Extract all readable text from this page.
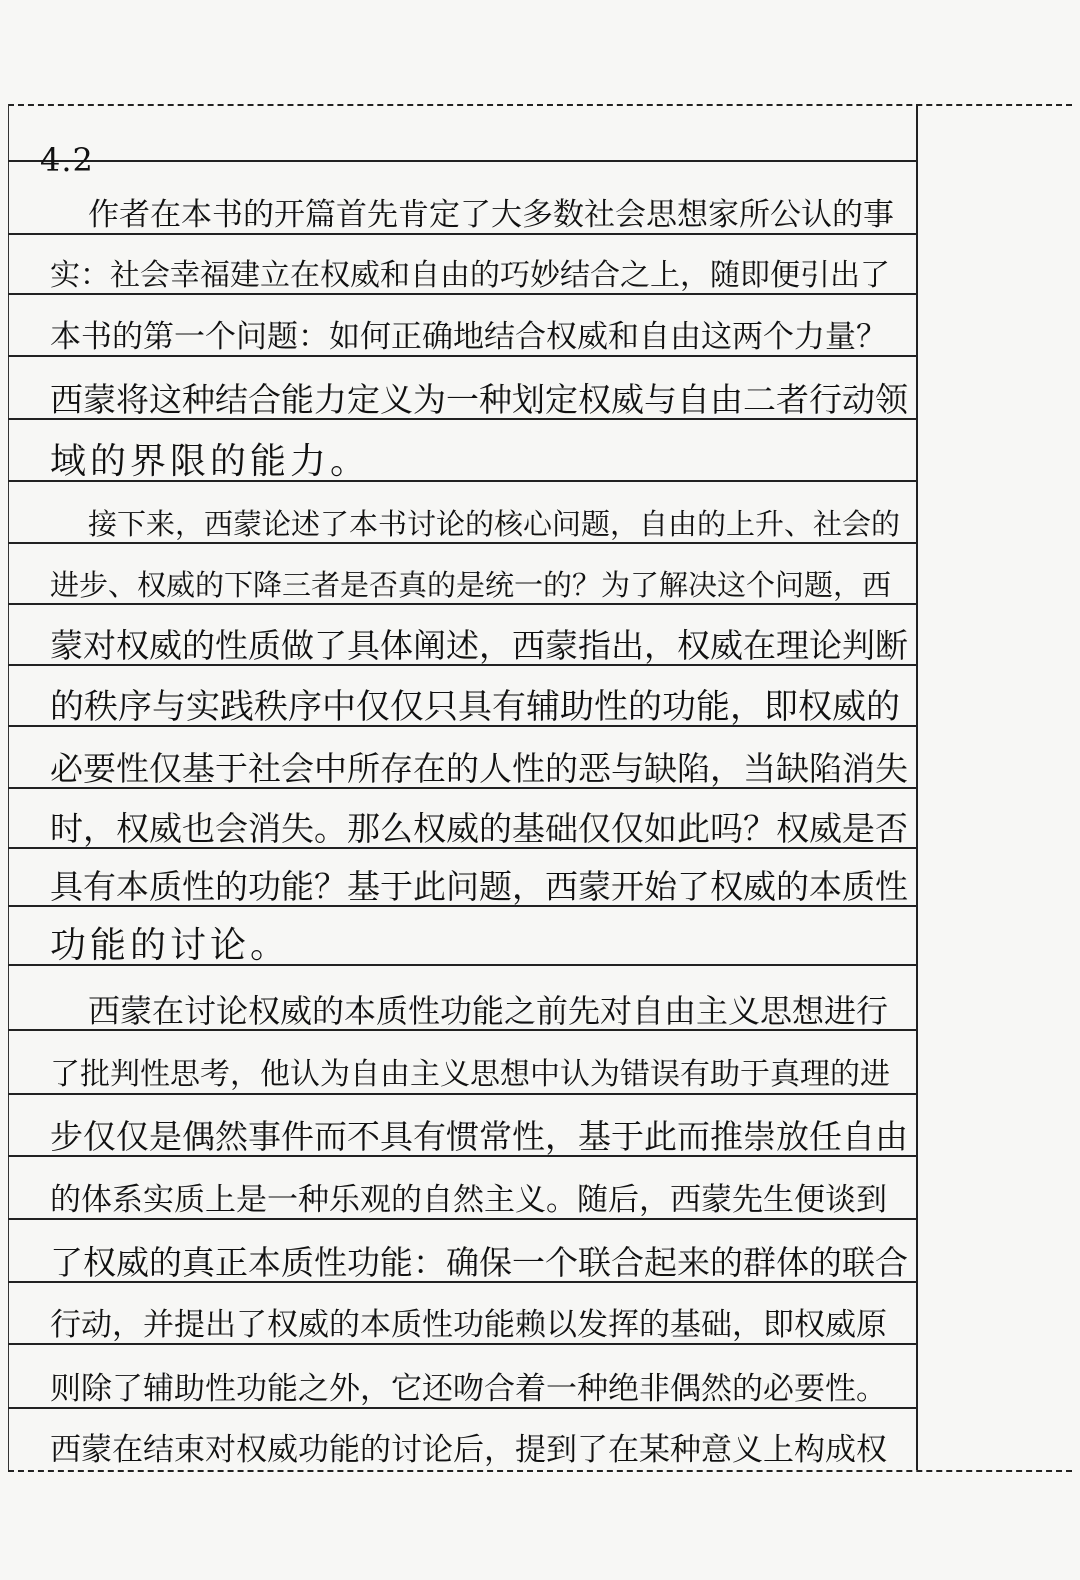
4.2
作者在本书的开篇首先肯定了大多数社会思想家所公认的事
实：社会幸福建立在权威和自由的巧妙结合之上，随即便引出了
本书的第一个问题：如何正确地结合权威和自由这两个力量？
西蒙将这种结合能力定义为一种划定权威与自由二者行动领
域的界限的能力。
接下来，西蒙论述了本书讨论的核心问题，自由的上升、社会的
进步、权威的下降三者是否真的是统一的？为了解决这个问题，西
蒙对权威的性质做了具体阐述，西蒙指出，权威在理论判断
的秩序与实践秩序中仅仅只具有辅助性的功能，即权威的
必要性仅基于社会中所存在的人性的恶与缺陷，当缺陷消失
时，权威也会消失。那么权威的基础仅仅如此吗？权威是否
具有本质性的功能？基于此问题，西蒙开始了权威的本质性
功能的讨论。
西蒙在讨论权威的本质性功能之前先对自由主义思想进行
了批判性思考，他认为自由主义思想中认为错误有助于真理的进
步仅仅是偶然事件而不具有惯常性，基于此而推崇放任自由
的体系实质上是一种乐观的自然主义。随后，西蒙先生便谈到
了权威的真正本质性功能：确保一个联合起来的群体的联合
行动，并提出了权威的本质性功能赖以发挥的基础，即权威原
则除了辅助性功能之外，它还吻合着一种绝非偶然的必要性。
西蒙在结束对权威功能的讨论后，提到了在某种意义上构成权
